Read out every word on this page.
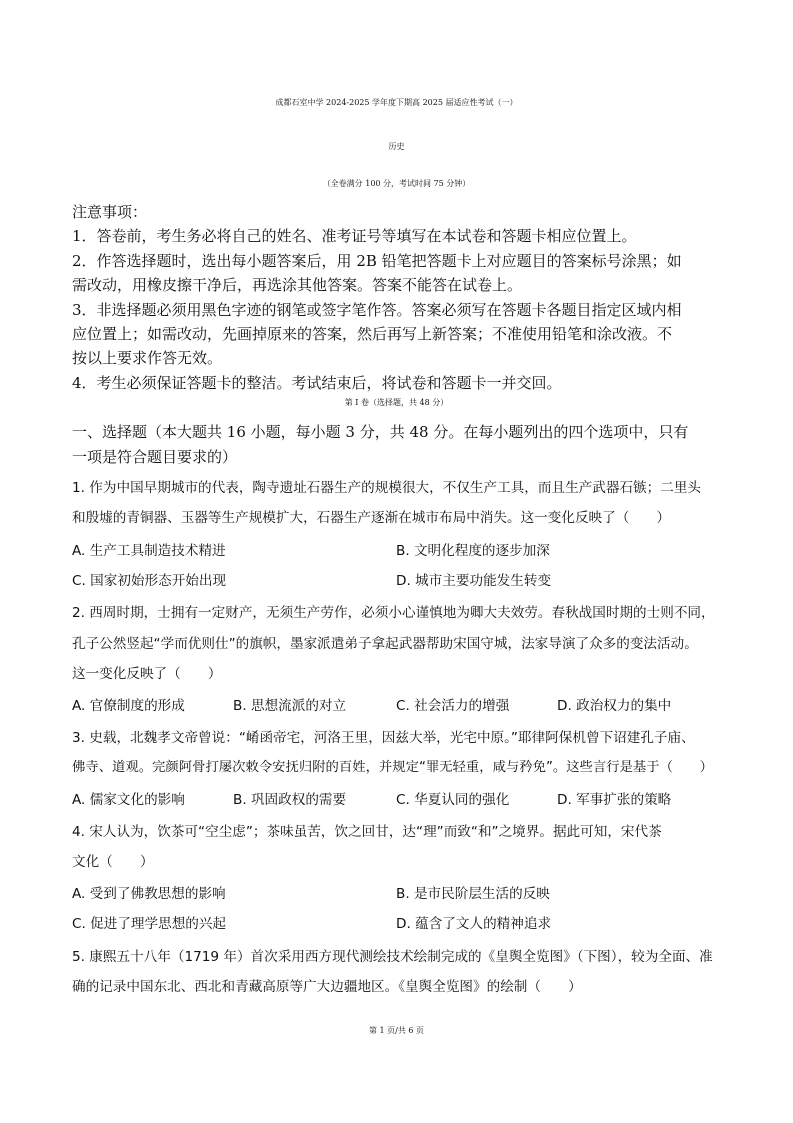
成都石室中学 2024-2025 学年度下期高 2025 届适应性考试（一）
历史
（全卷满分 100 分，考试时间 75 分钟）
注意事项：
1．答卷前，考生务必将自己的姓名、准考证号等填写在本试卷和答题卡相应位置上。
2．作答选择题时，选出每小题答案后，用 2B 铅笔把答题卡上对应题目的答案标号涂黑；如
需改动，用橡皮擦干净后，再选涂其他答案。答案不能答在试卷上。
3．非选择题必须用黑色字迹的钢笔或签字笔作答。答案必须写在答题卡各题目指定区域内相
应位置上；如需改动，先画掉原来的答案，然后再写上新答案；不准使用铅笔和涂改液。不
按以上要求作答无效。
4．考生必须保证答题卡的整洁。考试结束后，将试卷和答题卡一并交回。
第 I 卷（选择题，共 48 分）
一、选择题（本大题共 16 小题，每小题 3 分，共 48 分。在每小题列出的四个选项中，只有
一项是符合题目要求的）
1. 作为中国早期城市的代表，陶寺遗址石器生产的规模很大，不仅生产工具，而且生产武器石镞；二里头
和殷墟的青铜器、玉器等生产规模扩大，石器生产逐渐在城市布局中消失。这一变化反映了（　　）
A. 生产工具制造技术精进	B. 文明化程度的逐步加深
C. 国家初始形态开始出现	D. 城市主要功能发生转变
2. 西周时期，士拥有一定财产，无须生产劳作，必须小心谨慎地为卿大夫效劳。春秋战国时期的士则不同，
孔子公然竖起“学而优则仕”的旗帜，墨家派遣弟子拿起武器帮助宋国守城，法家导演了众多的变法活动。
这一变化反映了（　　）
A. 官僚制度的形成	B. 思想流派的对立	C. 社会活力的增强	D. 政治权力的集中
3. 史载，北魏孝文帝曾说：“崤函帝宅，河洛王里，因兹大举，光宅中原。”耶律阿保机曾下诏建孔子庙、
佛寺、道观。完颜阿骨打屡次敕令安抚归附的百姓，并规定“罪无轻重，咸与矜免”。这些言行是基于（　　）
A. 儒家文化的影响	B. 巩固政权的需要	C. 华夏认同的强化	D. 军事扩张的策略
4. 宋人认为，饮茶可“空尘虑”；茶味虽苦，饮之回甘，达“理”而致“和”之境界。据此可知，宋代茶
文化（　　）
A. 受到了佛教思想的影响	B. 是市民阶层生活的反映
C. 促进了理学思想的兴起	D. 蕴含了文人的精神追求
5. 康熙五十八年（1719 年）首次采用西方现代测绘技术绘制完成的《皇舆全览图》（下图），较为全面、准
确的记录中国东北、西北和青藏高原等广大边疆地区。《皇舆全览图》的绘制（　　）
第 1 页/共 6 页
